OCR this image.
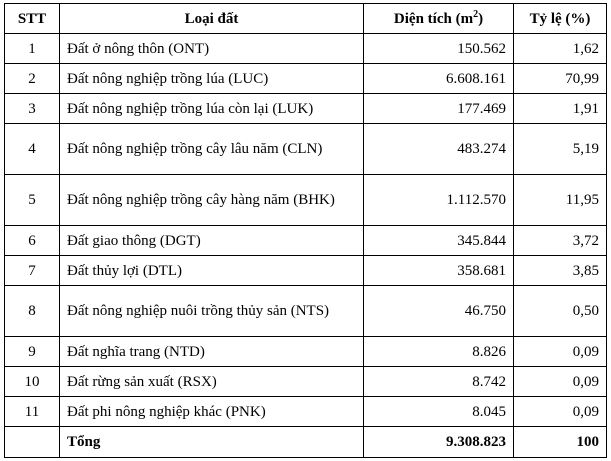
STT	Loại đất	Diện tích $(m^2)$	Tỷ lệ (%)
1	Đất ở nông thôn (ONT)	150.562	1,62
2	Đất nông nghiệp trồng lúa (LUC)	6.608.161	70,99
3	Đất nông nghiệp trồng lúa còn lại (LUK)	177.469	1,91
4	Đất nông nghiệp trồng cây lâu năm (CLN)	483.274	5,19
5	Đất nông nghiệp trồng cây hàng năm (BHK)	1.112.570	11,95
6	Đất giao thông (DGT)	345.844	3,72
7	Đất thủy lợi (DTL)	358.681	3,85
8	Đất nông nghiệp nuôi trồng thủy sản (NTS)	46.750	0,50
9	Đất nghĩa trang (NTD)	8.826	0,09
10	Đất rừng sản xuất (RSX)	8.742	0,09
11	Đất phi nông nghiệp khác (PNK)	8.045	0,09
	Tổng	9.308.823	100
